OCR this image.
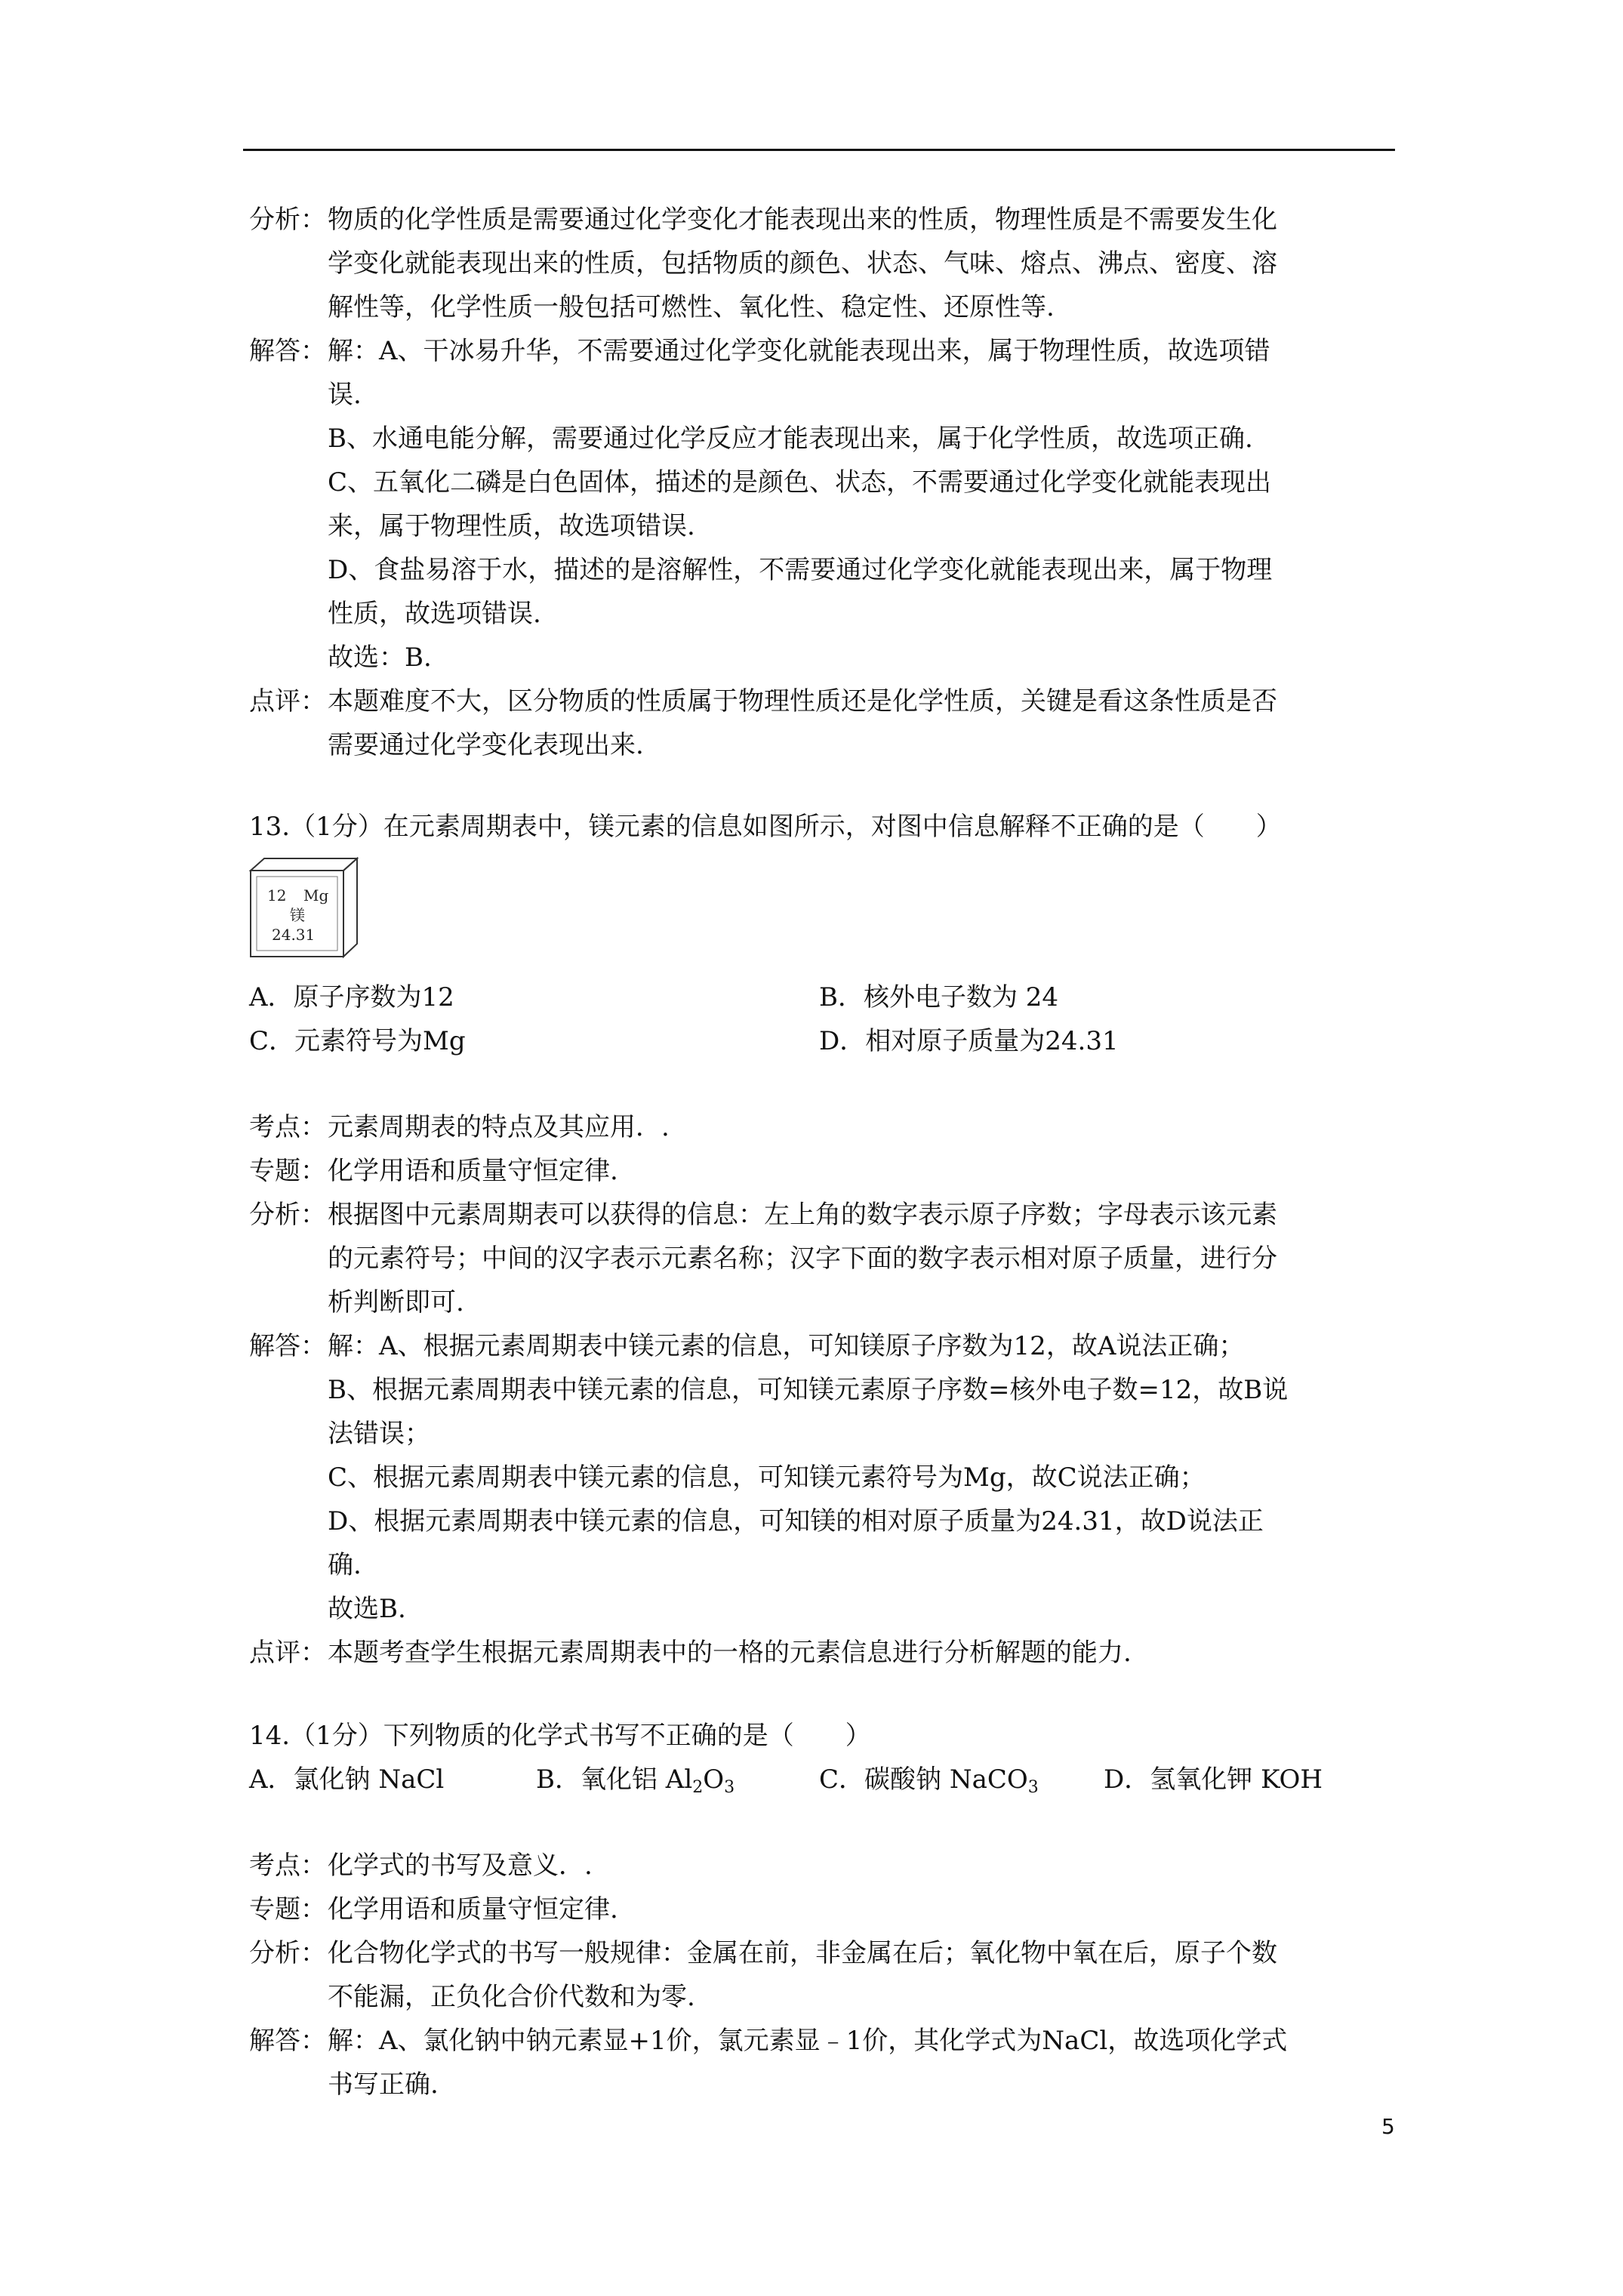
分析： 物质的化学性质是需要通过化学变化才能表现出来的性质，物理性质是不需要发生化
学变化就能表现出来的性质，包括物质的颜色、状态、气味、熔点、沸点、密度、溶
解性等，化学性质一般包括可燃性、氧化性、稳定性、还原性等.
解答： 解：A、干冰易升华，不需要通过化学变化就能表现出来，属于物理性质，故选项错
误.
B、水通电能分解，需要通过化学反应才能表现出来，属于化学性质，故选项正确.
C、五氧化二磷是白色固体，描述的是颜色、状态，不需要通过化学变化就能表现出
来，属于物理性质，故选项错误.
D、食盐易溶于水，描述的是溶解性，不需要通过化学变化就能表现出来，属于物理
性质，故选项错误.
故选：B.
点评： 本题难度不大，区分物质的性质属于物理性质还是化学性质，关键是看这条性质是否
需要通过化学变化表现出来.
13.（1分）在元素周期表中，镁元素的信息如图所示，对图中信息解释不正确的是（　　）
12 Mg
镁
24.31
A．原子序数为12	B．核外电子数为 24
C．元素符号为Mg	D．相对原子质量为24.31
考点： 元素周期表的特点及其应用．.
专题： 化学用语和质量守恒定律.
分析： 根据图中元素周期表可以获得的信息：左上角的数字表示原子序数；字母表示该元素
的元素符号；中间的汉字表示元素名称；汉字下面的数字表示相对原子质量，进行分
析判断即可.
解答： 解：A、根据元素周期表中镁元素的信息，可知镁原子序数为12，故A说法正确；
B、根据元素周期表中镁元素的信息，可知镁元素原子序数=核外电子数=12，故B说
法错误；
C、根据元素周期表中镁元素的信息，可知镁元素符号为Mg，故C说法正确；
D、根据元素周期表中镁元素的信息，可知镁的相对原子质量为24.31，故D说法正
确.
故选B.
点评： 本题考查学生根据元素周期表中的一格的元素信息进行分析解题的能力.
14.（1分）下列物质的化学式书写不正确的是（　　）
A．氯化钠 NaCl	B．氧化铝 $Al_2O_3$	C．碳酸钠 NaCO$_3$	D．氢氧化钾 KOH
考点： 化学式的书写及意义．.
专题： 化学用语和质量守恒定律.
分析： 化合物化学式的书写一般规律：金属在前，非金属在后；氧化物中氧在后，原子个数
不能漏，正负化合价代数和为零.
解答： 解：A、氯化钠中钠元素显+1价，氯元素显﹣1价，其化学式为NaCl，故选项化学式
书写正确.
5
